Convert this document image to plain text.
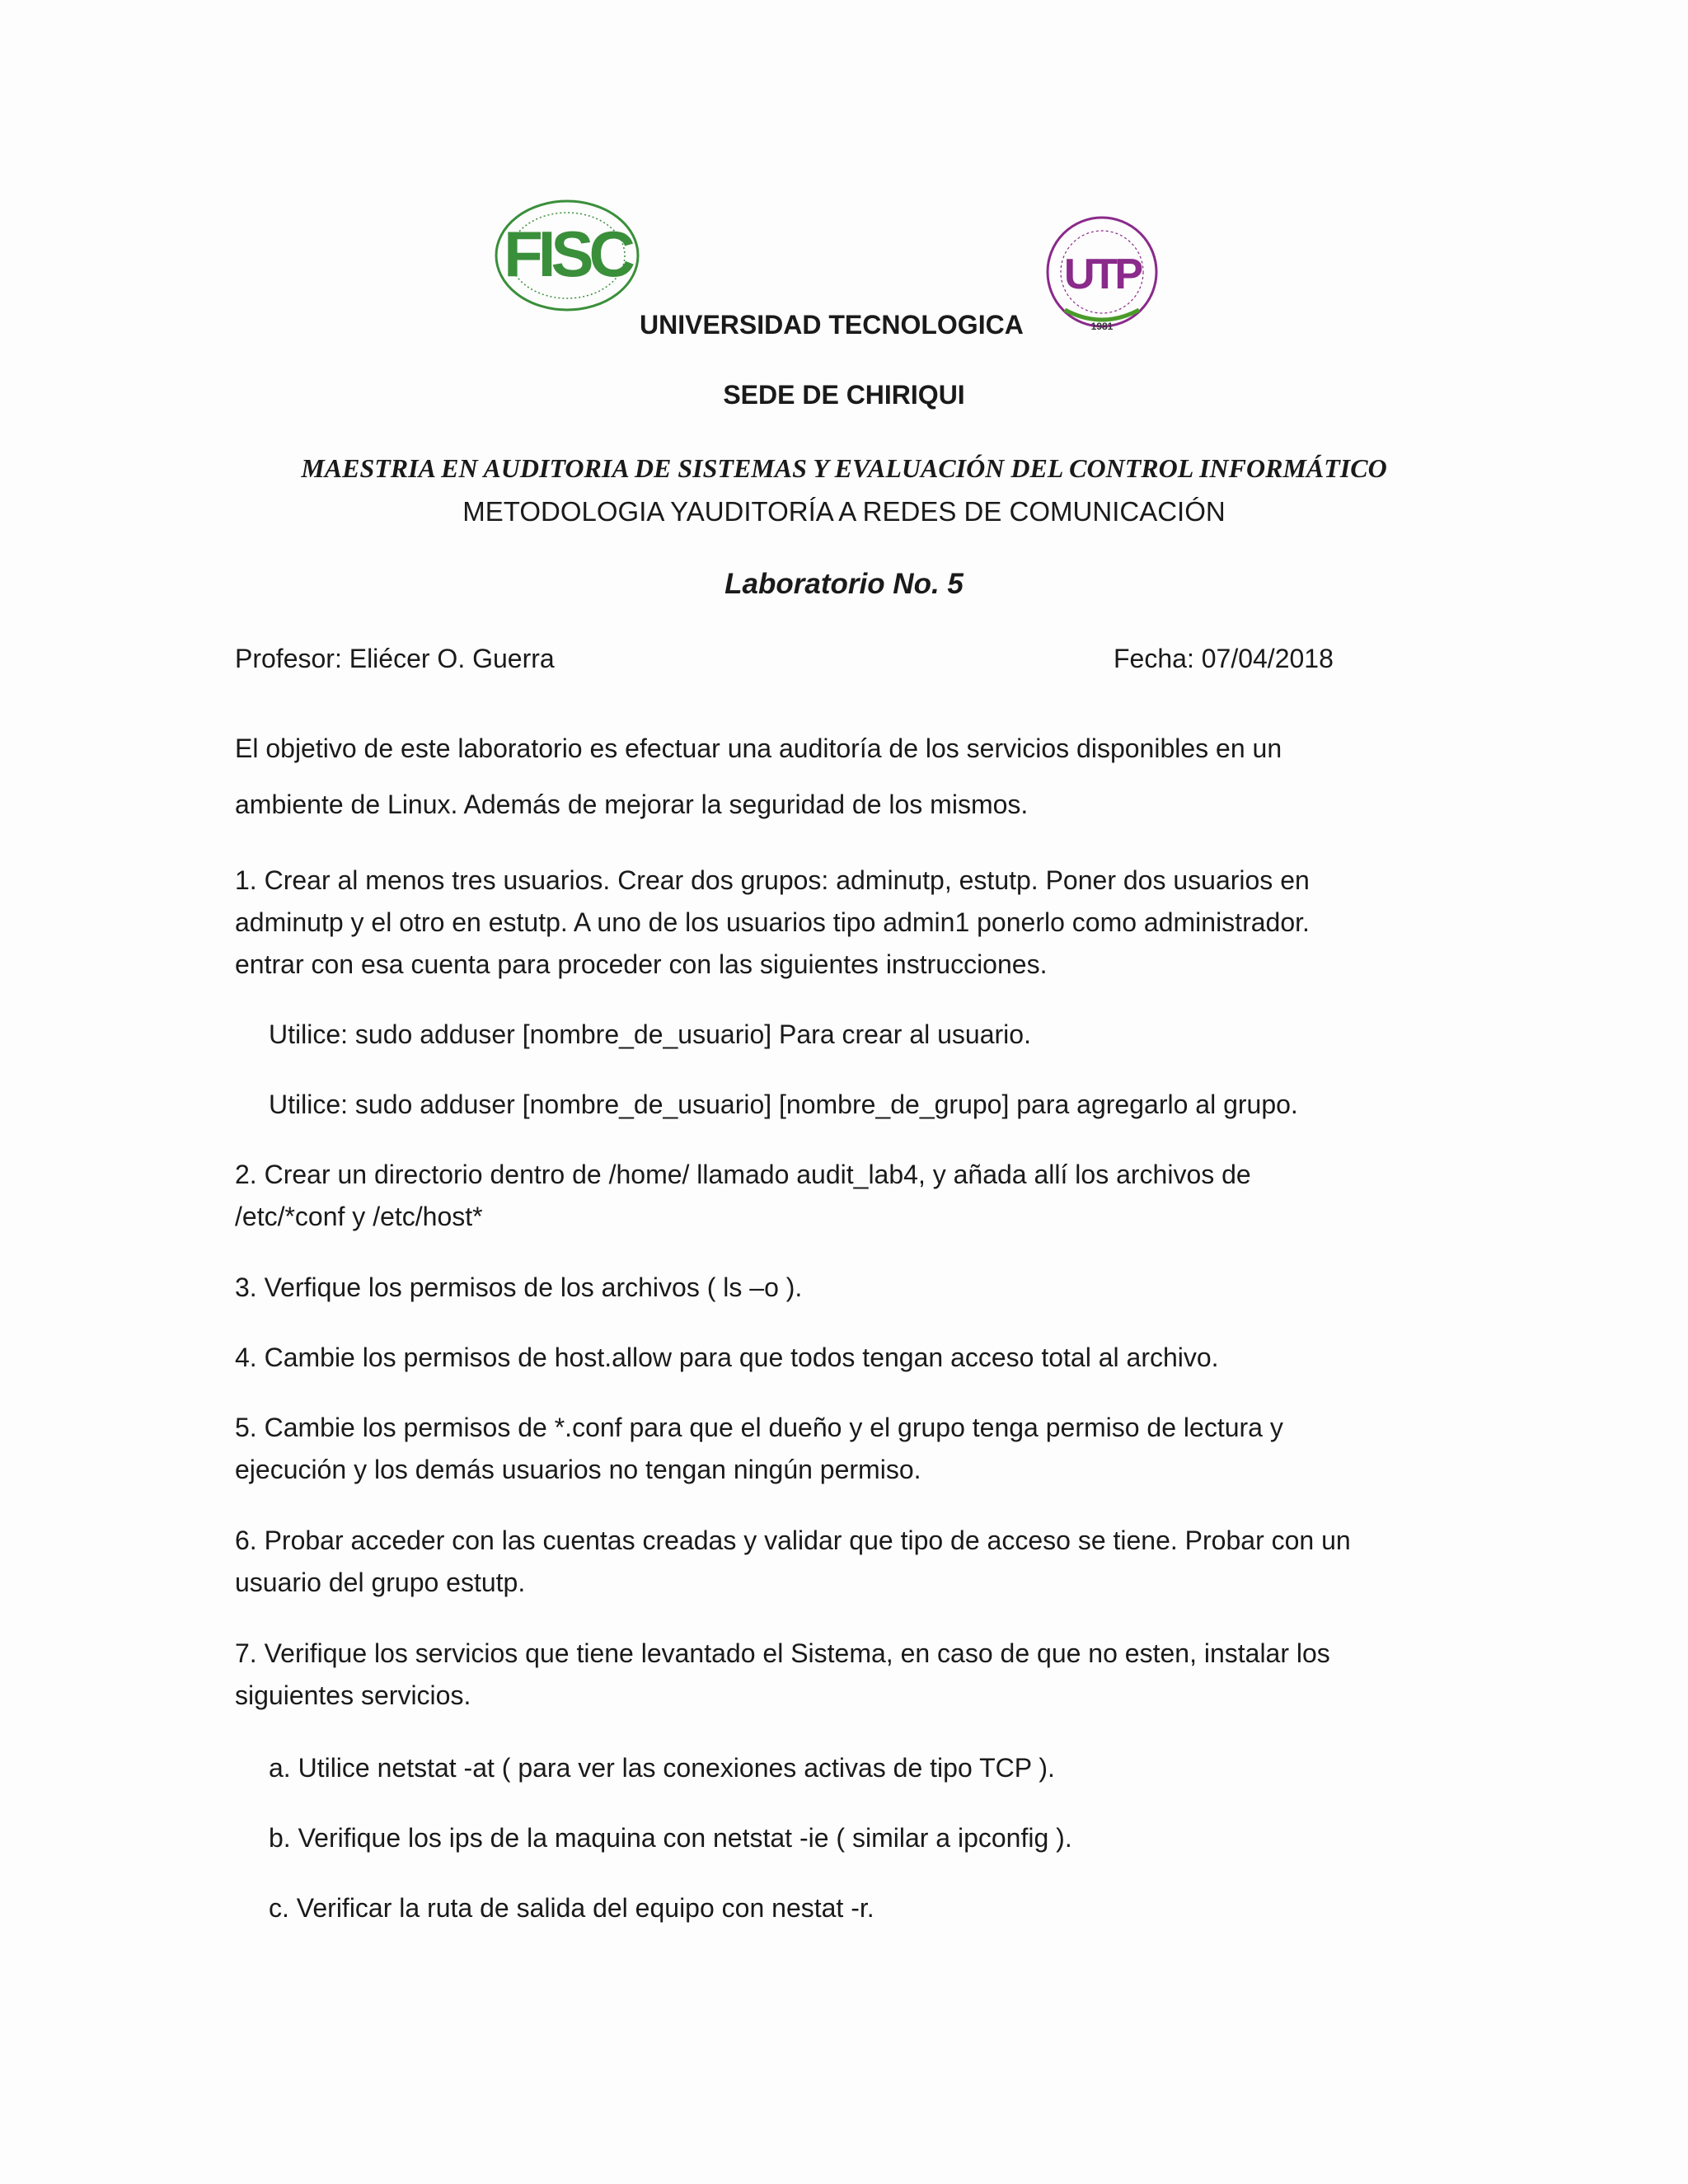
FISC	UTP
1981
UNIVERSIDAD TECNOLOGICA
SEDE DE CHIRIQUI
MAESTRIA EN AUDITORIA DE SISTEMAS Y EVALUACIÓN DEL CONTROL INFORMÁTICO
METODOLOGIA YAUDITORÍA A REDES DE COMUNICACIÓN
Laboratorio No. 5
Profesor: Eliécer O. Guerra	Fecha: 07/04/2018
El objetivo de este laboratorio es efectuar una auditoría de los servicios disponibles en un
ambiente de Linux. Además de mejorar la seguridad de los mismos.
1. Crear al menos tres usuarios. Crear dos grupos: adminutp, estutp. Poner dos usuarios en
adminutp y el otro en estutp. A uno de los usuarios tipo admin1 ponerlo como administrador.
entrar con esa cuenta para proceder con las siguientes instrucciones.
Utilice: sudo adduser [nombre_de_usuario] Para crear al usuario.
Utilice: sudo adduser [nombre_de_usuario] [nombre_de_grupo] para agregarlo al grupo.
2. Crear un directorio dentro de /home/ llamado audit_lab4, y añada allí los archivos de
/etc/*conf y /etc/host*
3. Verfique los permisos de los archivos ( ls –o ).
4. Cambie los permisos de host.allow para que todos tengan acceso total al archivo.
5. Cambie los permisos de *.conf para que el dueño y el grupo tenga permiso de lectura y
ejecución y los demás usuarios no tengan ningún permiso.
6. Probar acceder con las cuentas creadas y validar que tipo de acceso se tiene. Probar con un
usuario del grupo estutp.
7. Verifique los servicios que tiene levantado el Sistema, en caso de que no esten, instalar los
siguientes servicios.
a. Utilice netstat -at ( para ver las conexiones activas de tipo TCP ).
b. Verifique los ips de la maquina con netstat -ie ( similar a ipconfig ).
c. Verificar la ruta de salida del equipo con nestat -r.
